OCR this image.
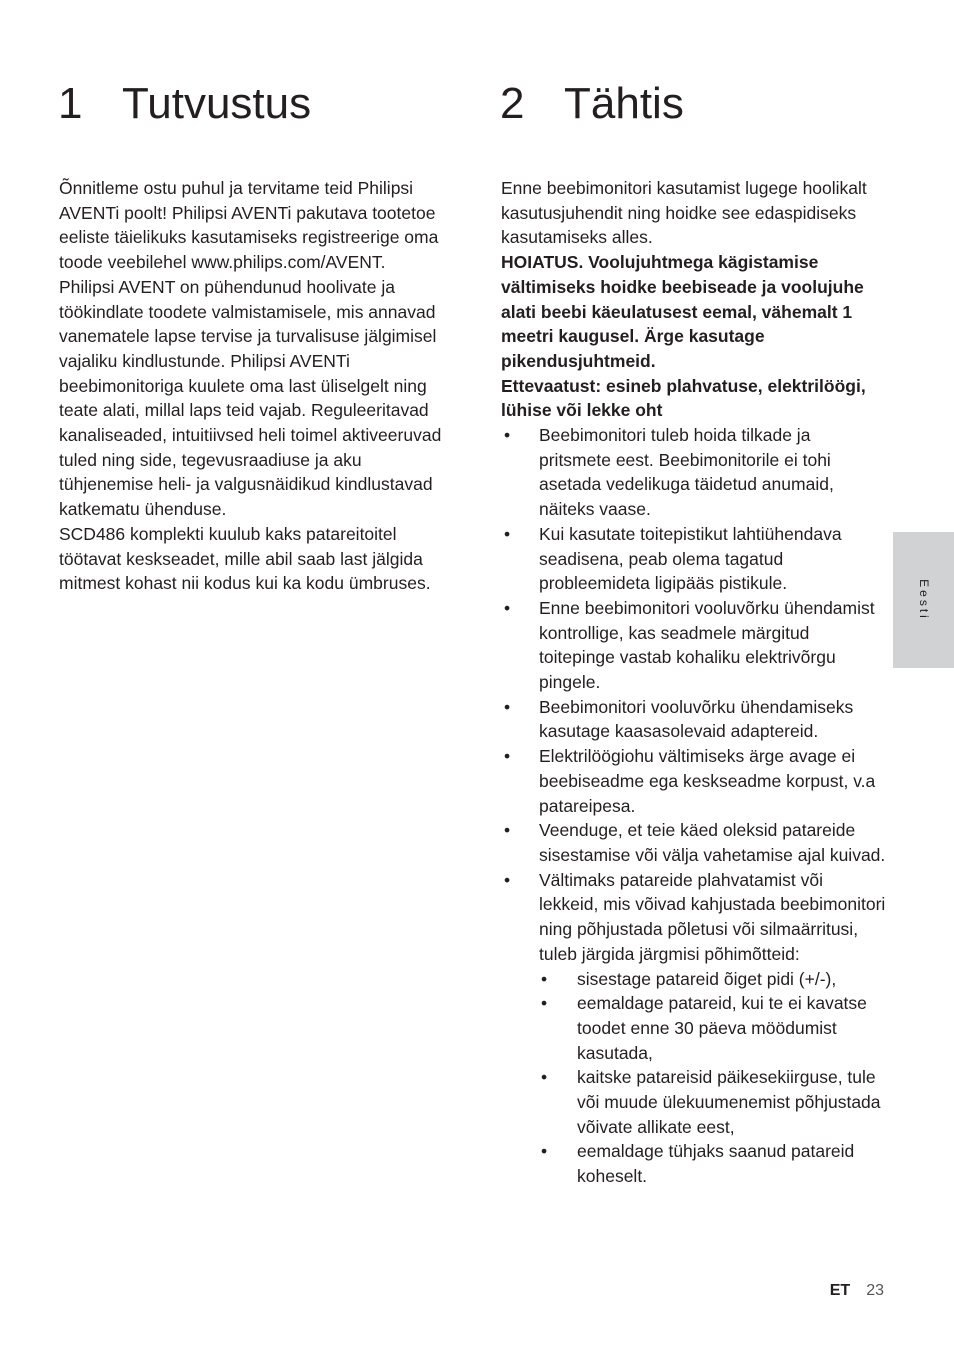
1 Tutvustus	2 Tähtis

Õnnitleme ostu puhul ja tervitame teid Philipsi AVENTi poolt! Philipsi AVENTi pakutava tootetoe eeliste täielikuks kasutamiseks registreerige oma toode veebilehel www.philips.com/AVENT.

Philipsi AVENT on pühendunud hoolivate ja töökindlate toodete valmistamisele, mis annavad vanematele lapse tervise ja turvalisuse jälgimisel vajaliku kindlustunde. Philipsi AVENTi beebimonitoriga kuulete oma last üliselgelt ning teate alati, millal laps teid vajab. Reguleeritavad kanaliseaded, intuitiivsed heli toimel aktiveeruvad tuled ning side, tegevusraadiuse ja aku tühjenemise heli- ja valgusnäidikud kindlustavad katkematu ühenduse.

SCD486 komplekti kuulub kaks patareitoitel töötavat keskseadet, mille abil saab last jälgida mitmest kohast nii kodus kui ka kodu ümbruses.

Enne beebimonitori kasutamist lugege hoolikalt kasutusjuhendit ning hoidke see edaspidiseks kasutamiseks alles.

HOIATUS. Voolujuhtmega kägistamise vältimiseks hoidke beebiseade ja voolujuhe alati beebi käeulatusest eemal, vähemalt 1 meetri kaugusel. Ärge kasutage pikendusjuhtmeid.

Ettevaatust: esineb plahvatuse, elektrilöögi, lühise või lekke oht

• Beebimonitori tuleb hoida tilkade ja pritsmete eest. Beebimonitorile ei tohi asetada vedelikuga täidetud anumaid, näiteks vaase.
• Kui kasutate toitepistikut lahtiühendava seadisena, peab olema tagatud probleemideta ligipääs pistikule.
• Enne beebimonitori vooluvõrku ühendamist kontrollige, kas seadmele märgitud toitepinge vastab kohaliku elektrivõrgu pingele.
• Beebimonitori vooluvõrku ühendamiseks kasutage kaasasolevaid adaptereid.
• Elektrilöögiohu vältimiseks ärge avage ei beebiseadme ega keskseadme korpust, v.a patareipesa.
• Veenduge, et teie käed oleksid patareide sisestamise või välja vahetamise ajal kuivad.
• Vältimaks patareide plahvatamist või lekkeid, mis võivad kahjustada beebimonitori ning põhjustada põletusi või silmaärritusi, tuleb järgida järgmisi põhimõtteid:
• sisestage patareid õiget pidi (+/-),
• eemaldage patareid, kui te ei kavatse toodet enne 30 päeva möödumist kasutada,
• kaitske patareisid päikesekiirguse, tule või muude ülekuumenemist põhjustada võivate allikate eest,
• eemaldage tühjaks saanud patareid koheselt.
Eesti
ET 23
